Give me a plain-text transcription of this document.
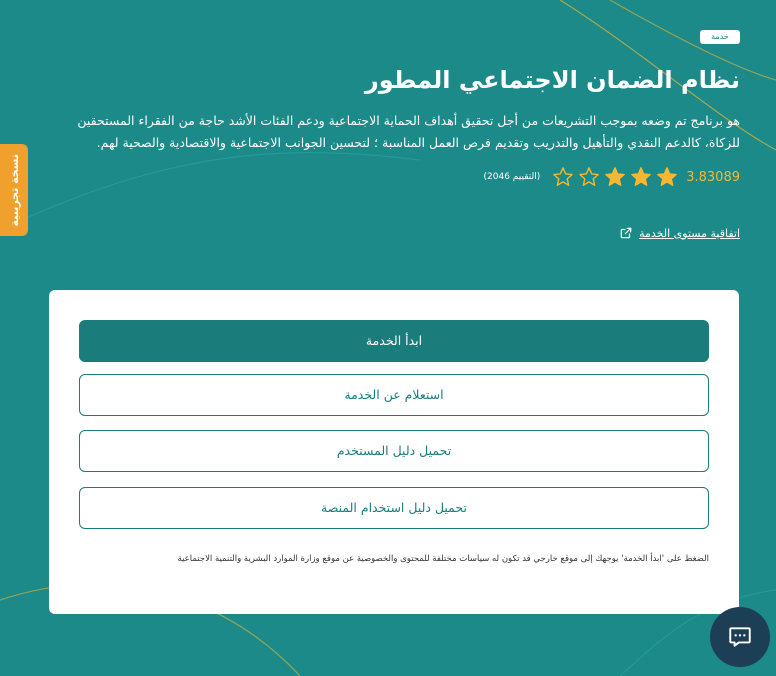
نسخة تجريبية
خدمة
نظام الضمان الاجتماعي المطور

هو برنامج تم وضعه بموجب التشريعات من أجل تحقيق أهداف الحماية الاجتماعية ودعم الفئات الأشد حاجة من الفقراء المستحقين للزكاة، كالدعم النقدي والتأهيل والتدريب وتقديم فرص العمل المناسبة ؛ لتحسين الجوانب الاجتماعية والاقتصادية والصحية لهم.

3.83089
(التقييم 2046)
اتفاقية مستوى الخدمة
ابدأ الخدمة
استعلام عن الخدمة
تحميل دليل المستخدم
تحميل دليل استخدام المنصة

الضغط على 'ابدأ الخدمة' يوجهك إلى موقع خارجي قد تكون له سياسات مختلفة للمحتوى والخصوصية عن موقع وزارة الموارد البشرية والتنمية الاجتماعية
